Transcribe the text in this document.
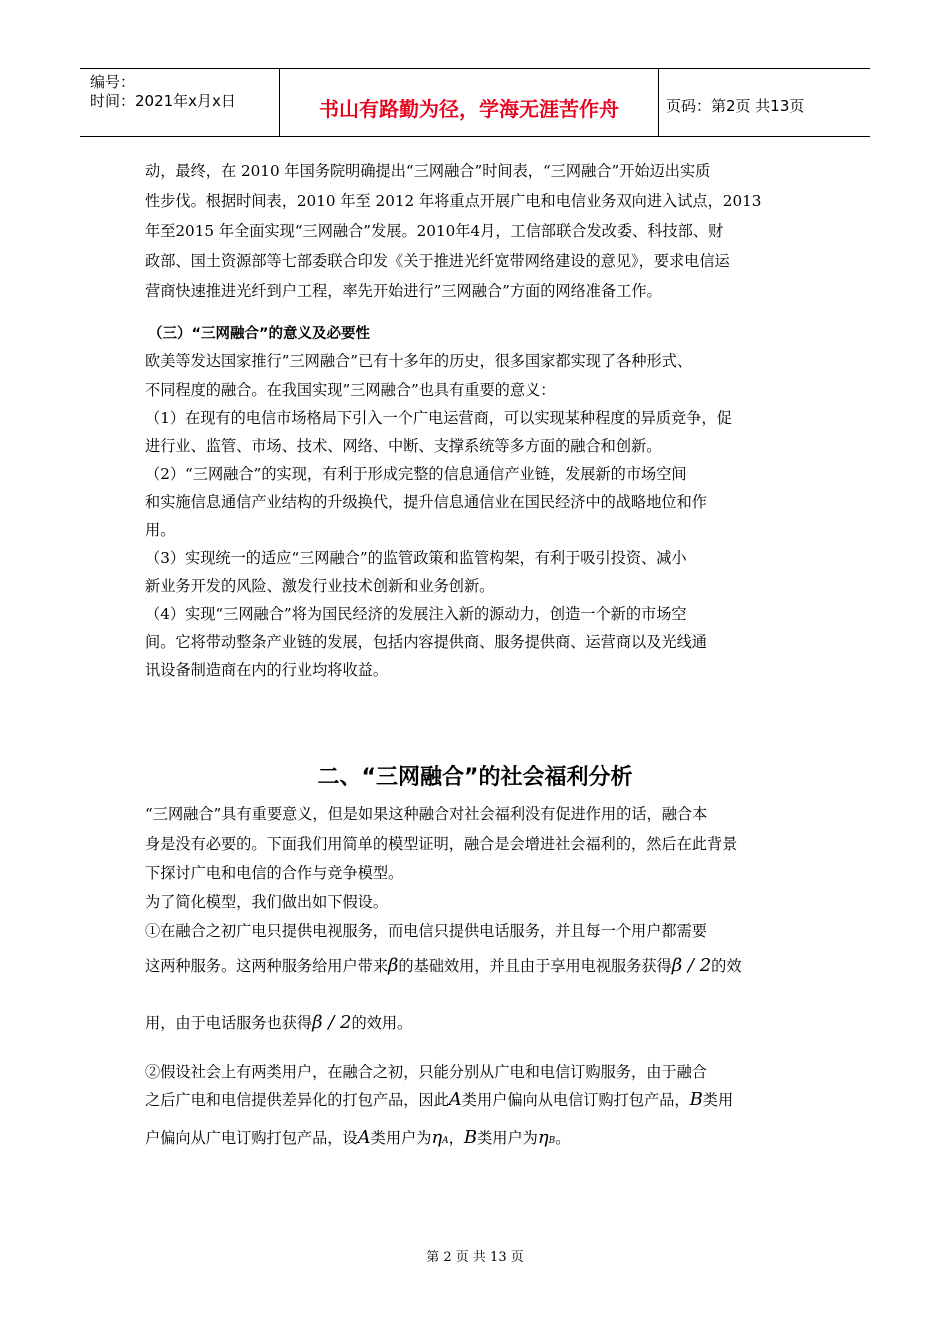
编号：
时间：2021年x月x日	书山有路勤为径，学海无涯苦作舟	页码：第2页 共13页
动，最终，在 2010 年国务院明确提出“三网融合”时间表，“三网融合”开始迈出实质
性步伐。根据时间表，2010 年至 2012 年将重点开展广电和电信业务双向进入试点，2013
年至2015 年全面实现“三网融合”发展。2010年4月，工信部联合发改委、科技部、财
政部、国土资源部等七部委联合印发《关于推进光纤宽带网络建设的意见》，要求电信运
营商快速推进光纤到户工程，率先开始进行”三网融合”方面的网络准备工作。
（三）“三网融合”的意义及必要性
欧美等发达国家推行”三网融合”已有十多年的历史，很多国家都实现了各种形式、
不同程度的融合。在我国实现”三网融合”也具有重要的意义：
（1）在现有的电信市场格局下引入一个广电运营商，可以实现某种程度的异质竞争，促
进行业、监管、市场、技术、网络、中断、支撑系统等多方面的融合和创新。
（2）“三网融合”的实现，有利于形成完整的信息通信产业链，发展新的市场空间
和实施信息通信产业结构的升级换代，提升信息通信业在国民经济中的战略地位和作
用。
（3）实现统一的适应“三网融合”的监管政策和监管构架，有利于吸引投资、减小
新业务开发的风险、激发行业技术创新和业务创新。
（4）实现“三网融合”将为国民经济的发展注入新的源动力，创造一个新的市场空
间。它将带动整条产业链的发展，包括内容提供商、服务提供商、运营商以及光线通
讯设备制造商在内的行业均将收益。
二、“三网融合”的社会福利分析
“三网融合”具有重要意义，但是如果这种融合对社会福利没有促进作用的话，融合本
身是没有必要的。下面我们用简单的模型证明，融合是会增进社会福利的，然后在此背景
下探讨广电和电信的合作与竞争模型。
为了简化模型，我们做出如下假设。
①在融合之初广电只提供电视服务，而电信只提供电话服务，并且每一个用户都需要
这两种服务。这两种服务给用户带来β的基础效用，并且由于享用电视服务获得β / 2的效
用，由于电话服务也获得β / 2的效用。
②假设社会上有两类用户，在融合之初，只能分别从广电和电信订购服务，由于融合
之后广电和电信提供差异化的打包产品，因此A类用户偏向从电信订购打包产品，B类用
户偏向从广电订购打包产品，设A类用户为ηA，B类用户为ηB。
第 2 页 共 13 页
